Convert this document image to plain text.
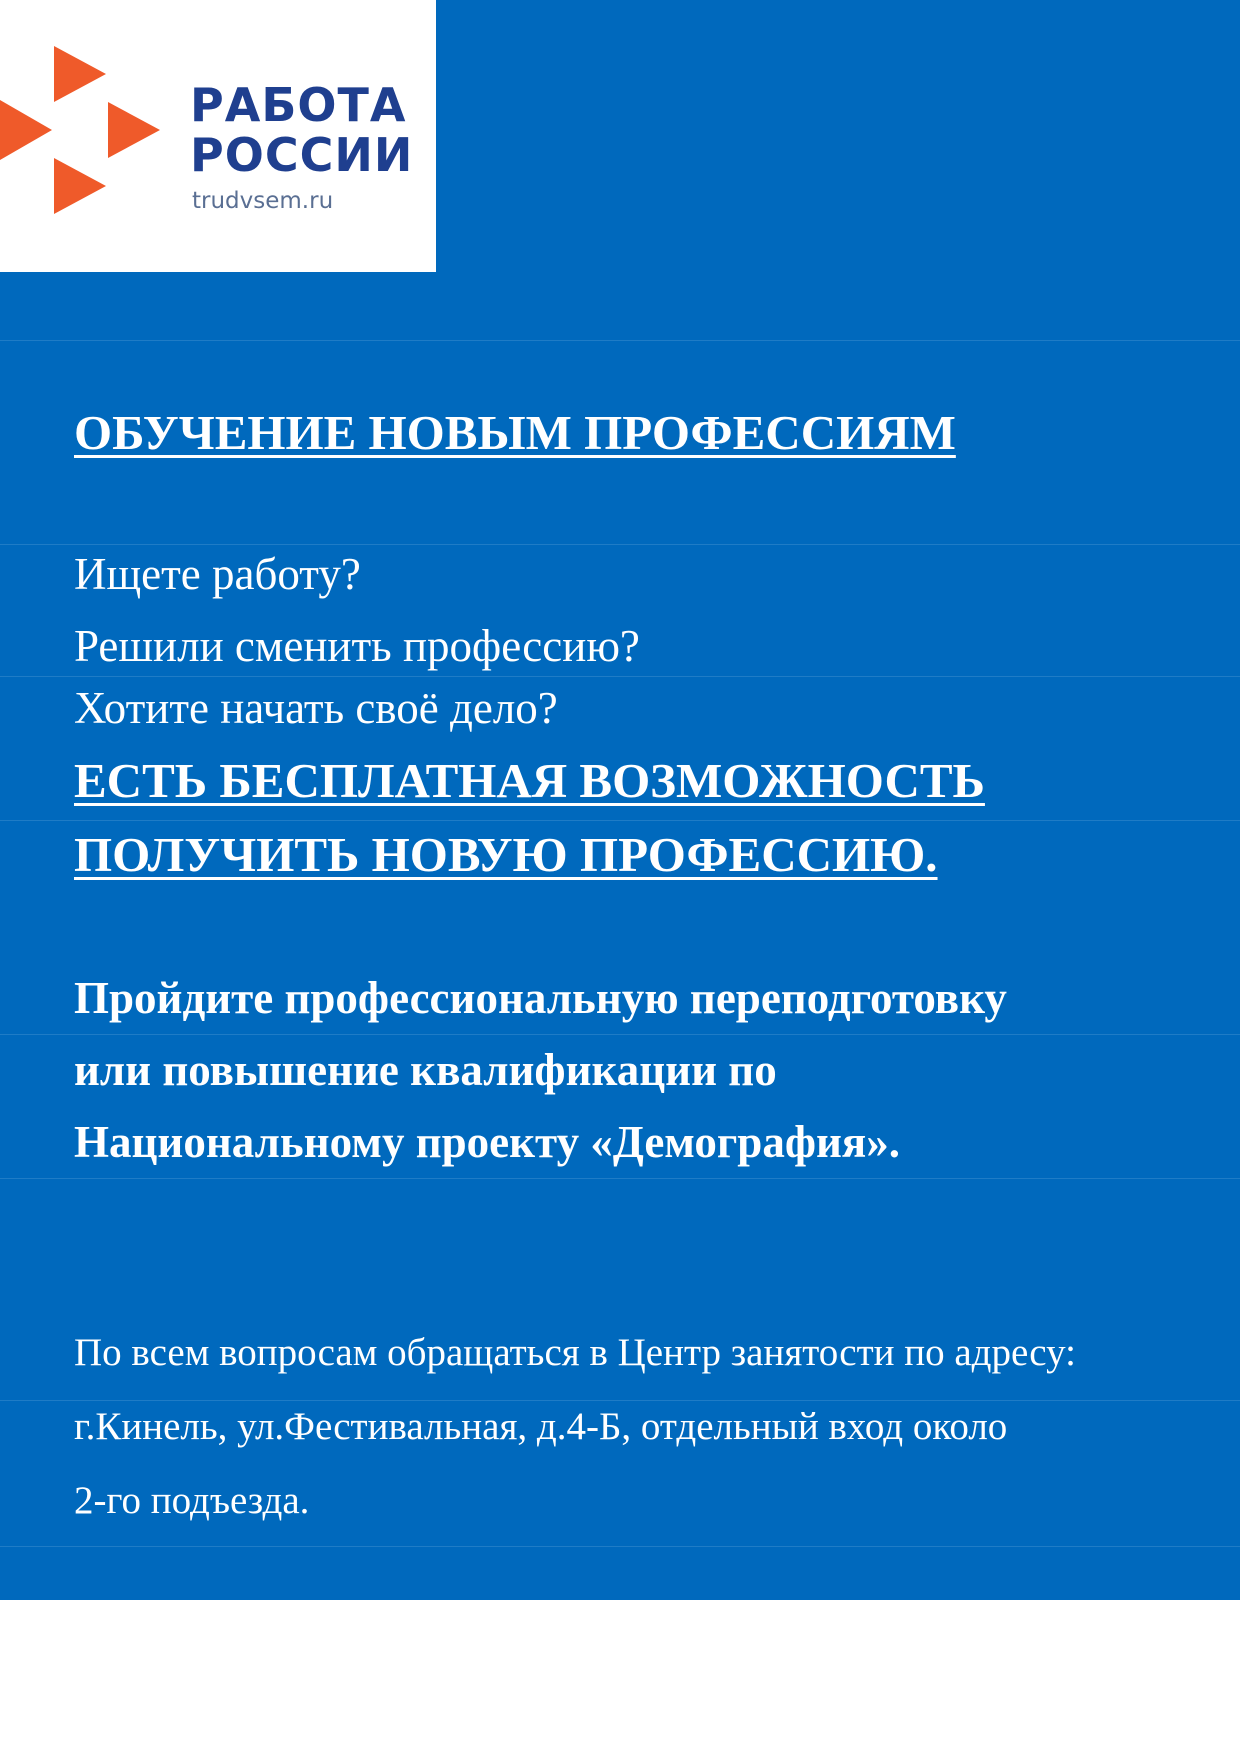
РАБОТА
РОССИИ
trudvsem.ru
ОБУЧЕНИЕ НОВЫМ ПРОФЕССИЯМ
Ищете работу?
Решили сменить профессию?
Хотите начать своё дело?
ЕСТЬ БЕСПЛАТНАЯ ВОЗМОЖНОСТЬ
ПОЛУЧИТЬ НОВУЮ ПРОФЕССИЮ.
Пройдите профессиональную переподготовку
или повышение квалификации по
Национальному проекту «Демография».
По всем вопросам обращаться в Центр занятости по адресу:
г.Кинель, ул.Фестивальная, д.4-Б, отдельный вход около
2-го подъезда.
